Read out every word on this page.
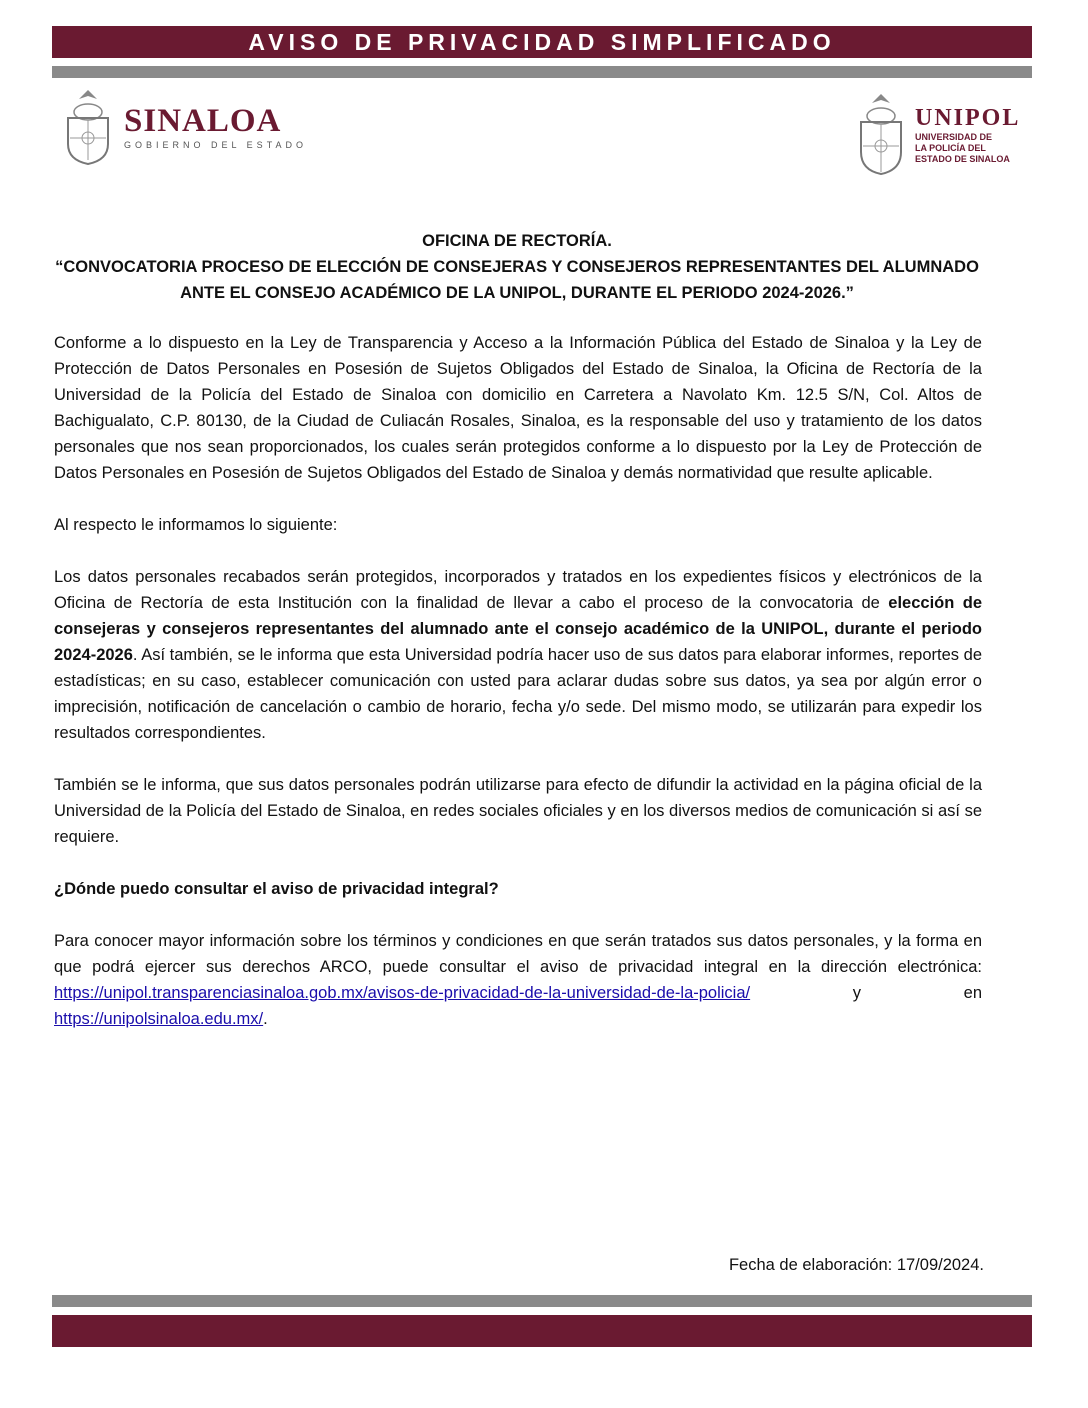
AVISO DE PRIVACIDAD SIMPLIFICADO
SINALOA
GOBIERNO DEL ESTADO
UNIPOL
UNIVERSIDAD DE
LA POLICÍA DEL
ESTADO DE SINALOA
OFICINA DE RECTORÍA.
“CONVOCATORIA PROCESO DE ELECCIÓN DE CONSEJERAS Y CONSEJEROS REPRESENTANTES DEL ALUMNADO ANTE EL CONSEJO ACADÉMICO DE LA UNIPOL, DURANTE EL PERIODO 2024-2026.”

Conforme a lo dispuesto en la Ley de Transparencia y Acceso a la Información Pública del Estado de Sinaloa y la Ley de Protección de Datos Personales en Posesión de Sujetos Obligados del Estado de Sinaloa, la Oficina de Rectoría de la Universidad de la Policía del Estado de Sinaloa con domicilio en Carretera a Navolato Km. 12.5 S/N, Col. Altos de Bachigualato, C.P. 80130, de la Ciudad de Culiacán Rosales, Sinaloa, es la responsable del uso y tratamiento de los datos personales que nos sean proporcionados, los cuales serán protegidos conforme a lo dispuesto por la Ley de Protección de Datos Personales en Posesión de Sujetos Obligados del Estado de Sinaloa y demás normatividad que resulte aplicable.

Al respecto le informamos lo siguiente:

Los datos personales recabados serán protegidos, incorporados y tratados en los expedientes físicos y electrónicos de la Oficina de Rectoría de esta Institución con la finalidad de llevar a cabo el proceso de la convocatoria de elección de consejeras y consejeros representantes del alumnado ante el consejo académico de la UNIPOL, durante el periodo 2024-2026. Así también, se le informa que esta Universidad podría hacer uso de sus datos para elaborar informes, reportes de estadísticas; en su caso, establecer comunicación con usted para aclarar dudas sobre sus datos, ya sea por algún error o imprecisión, notificación de cancelación o cambio de horario, fecha y/o sede. Del mismo modo, se utilizarán para expedir los resultados correspondientes.

También se le informa, que sus datos personales podrán utilizarse para efecto de difundir la actividad en la página oficial de la Universidad de la Policía del Estado de Sinaloa, en redes sociales oficiales y en los diversos medios de comunicación si así se requiere.

¿Dónde puedo consultar el aviso de privacidad integral?

Para conocer mayor información sobre los términos y condiciones en que serán tratados sus datos personales, y la forma en que podrá ejercer sus derechos ARCO, puede consultar el aviso de privacidad integral en la dirección electrónica: https://unipol.transparenciasinaloa.gob.mx/avisos-de-privacidad-de-la-universidad-de-la-policia/ y en https://unipolsinaloa.edu.mx/.

Fecha de elaboración: 17/09/2024.
